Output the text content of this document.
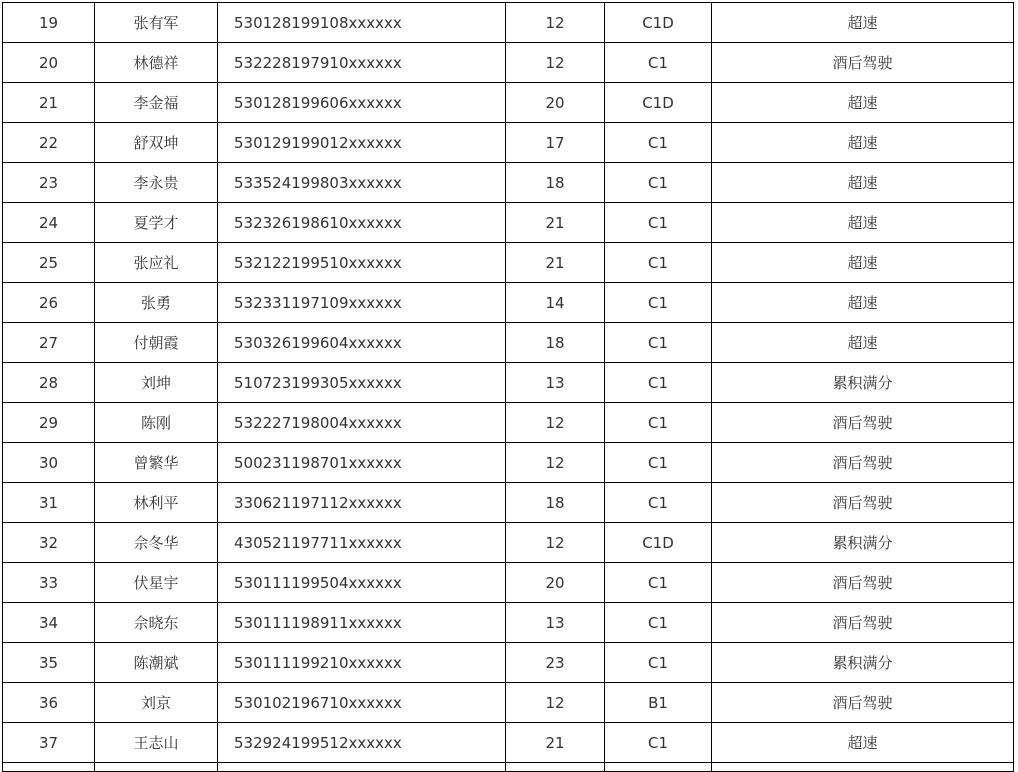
19	张有军	530128199108xxxxxx	12	C1D	超速
20	林德祥	532228197910xxxxxx	12	C1	酒后驾驶
21	李金福	530128199606xxxxxx	20	C1D	超速
22	舒双坤	530129199012xxxxxx	17	C1	超速
23	李永贵	533524199803xxxxxx	18	C1	超速
24	夏学才	532326198610xxxxxx	21	C1	超速
25	张应礼	532122199510xxxxxx	21	C1	超速
26	张勇	532331197109xxxxxx	14	C1	超速
27	付朝霞	530326199604xxxxxx	18	C1	超速
28	刘坤	510723199305xxxxxx	13	C1	累积满分
29	陈刚	532227198004xxxxxx	12	C1	酒后驾驶
30	曾繁华	500231198701xxxxxx	12	C1	酒后驾驶
31	林利平	330621197112xxxxxx	18	C1	酒后驾驶
32	佘冬华	430521197711xxxxxx	12	C1D	累积满分
33	伏星宇	530111199504xxxxxx	20	C1	酒后驾驶
34	佘晓东	530111198911xxxxxx	13	C1	酒后驾驶
35	陈潮斌	530111199210xxxxxx	23	C1	累积满分
36	刘京	530102196710xxxxxx	12	B1	酒后驾驶
37	王志山	532924199512xxxxxx	21	C1	超速
